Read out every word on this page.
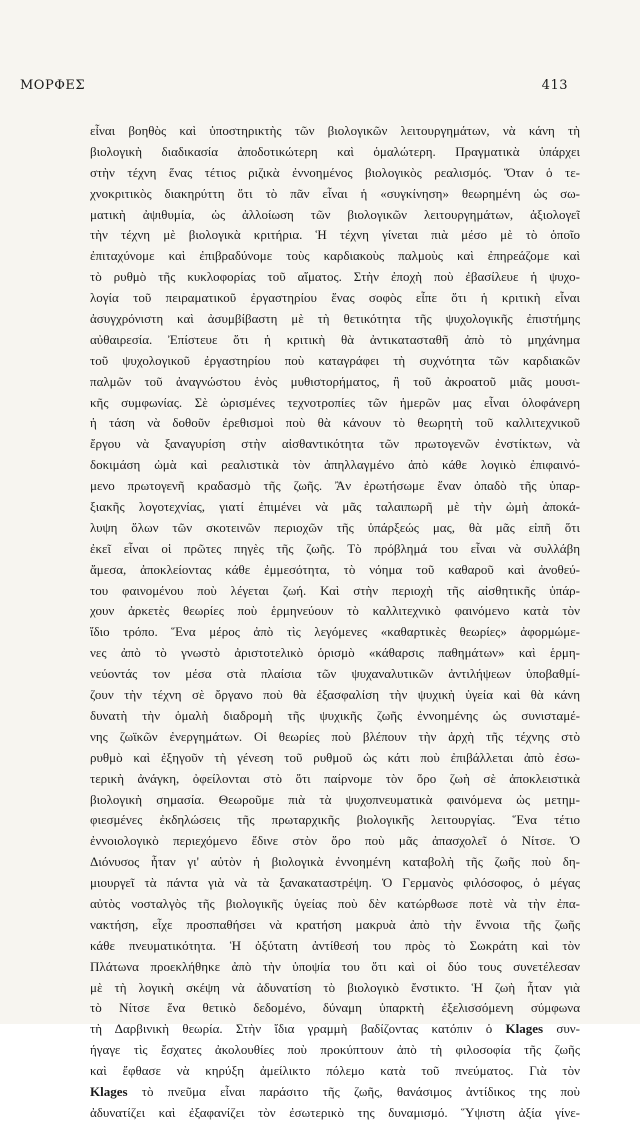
ΜΟΡΦΕΣ	413
εἶναι βοηθὸς καὶ ὑποστηρικτὴς τῶν βιολογικῶν λειτουργημάτων, νὰ κάνη τὴ
βιολογικὴ διαδικασία ἀποδοτικώτερη καὶ ὁμαλώτερη. Πραγματικὰ ὑπάρχει
στὴν τέχνη ἕνας τέτιος ριζικὰ ἐννοημένος βιολογικὸς ρεαλισμός. Ὅταν ὁ τε-
χνοκριτικὸς διακηρύττη ὅτι τὸ πᾶν εἶναι ἡ «συγκίνηση» θεωρημένη ὡς σω-
ματικὴ ἀψιθυμία, ὡς ἀλλοίωση τῶν βιολογικῶν λειτουργημάτων, ἀξιολογεῖ
τὴν τέχνη μὲ βιολογικὰ κριτήρια. Ἡ τέχνη γίνεται πιὰ μέσο μὲ τὸ ὁποῖο
ἐπιταχύνομε καὶ ἐπιβραδύνομε τοὺς καρδιακοὺς παλμοὺς καὶ ἐπηρεάζομε καὶ
τὸ ρυθμὸ τῆς κυκλοφορίας τοῦ αἵματος. Στὴν ἐποχὴ ποὺ ἐβασίλευε ἡ ψυχο-
λογία τοῦ πειραματικοῦ ἐργαστηρίου ἕνας σοφὸς εἶπε ὅτι ἡ κριτικὴ εἶναι
ἀσυγχρόνιστη καὶ ἀσυμβίβαστη μὲ τὴ θετικότητα τῆς ψυχολογικῆς ἐπιστήμης
αὐθαιρεσία. Ἐπίστευε ὅτι ἡ κριτικὴ θὰ ἀντικατασταθῆ ἀπὸ τὸ μηχάνημα
τοῦ ψυχολογικοῦ ἐργαστηρίου ποὺ καταγράφει τὴ συχνότητα τῶν καρδιακῶν
παλμῶν τοῦ ἀναγνώστου ἑνὸς μυθιστορήματος, ἢ τοῦ ἀκροατοῦ μιᾶς μουσι-
κῆς συμφωνίας. Σὲ ὡρισμένες τεχνοτροπίες τῶν ἡμερῶν μας εἶναι ὁλοφάνερη
ἡ τάση νὰ δοθοῦν ἐρεθισμοὶ ποὺ θὰ κάνουν τὸ θεωρητὴ τοῦ καλλιτεχνικοῦ
ἔργου νὰ ξαναγυρίση στὴν αἰσθαντικότητα τῶν πρωτογενῶν ἐνστίκτων, νὰ
δοκιμάση ὠμὰ καὶ ρεαλιστικὰ τὸν ἀπηλλαγμένο ἀπὸ κάθε λογικὸ ἐπιφαινό-
μενο πρωτογενῆ κραδασμὸ τῆς ζωῆς. Ἂν ἐρωτήσωμε ἕναν ὀπαδὸ τῆς ὑπαρ-
ξιακῆς λογοτεχνίας, γιατί ἐπιμένει νὰ μᾶς ταλαιπωρῆ μὲ τὴν ὠμὴ ἀποκά-
λυψη ὅλων τῶν σκοτεινῶν περιοχῶν τῆς ὑπάρξεώς μας, θὰ μᾶς εἰπῆ ὅτι
ἐκεῖ εἶναι οἱ πρῶτες πηγὲς τῆς ζωῆς. Τὸ πρόβλημά του εἶναι νὰ συλλάβη
ἄμεσα, ἀποκλείοντας κάθε ἐμμεσότητα, τὸ νόημα τοῦ καθαροῦ καὶ ἀνοθεύ-
του φαινομένου ποὺ λέγεται ζωή. Καὶ στὴν περιοχὴ τῆς αἰσθητικῆς ὑπάρ-
χουν ἀρκετὲς θεωρίες ποὺ ἑρμηνεύουν τὸ καλλιτεχνικὸ φαινόμενο κατὰ τὸν
ἴδιο τρόπο. Ἕνα μέρος ἀπὸ τὶς λεγόμενες «καθαρτικὲς θεωρίες» ἀφορμώμε-
νες ἀπὸ τὸ γνωστὸ ἀριστοτελικὸ ὁρισμὸ «κάθαρσις παθημάτων» καὶ ἑρμη-
νεύοντάς τον μέσα στὰ πλαίσια τῶν ψυχαναλυτικῶν ἀντιλήψεων ὑποβαθμί-
ζουν τὴν τέχνη σὲ ὄργανο ποὺ θὰ ἐξασφαλίση τὴν ψυχικὴ ὑγεία καὶ θὰ κάνη
δυνατὴ τὴν ὁμαλὴ διαδρομὴ τῆς ψυχικῆς ζωῆς ἐννοημένης ὡς συνισταμέ-
νης ζωϊκῶν ἐνεργημάτων. Οἱ θεωρίες ποὺ βλέπουν τὴν ἀρχὴ τῆς τέχνης στὸ
ρυθμὸ καὶ ἐξηγοῦν τὴ γένεση τοῦ ρυθμοῦ ὡς κάτι ποὺ ἐπιβάλλεται ἀπὸ ἐσω-
τερικὴ ἀνάγκη, ὀφείλονται στὸ ὅτι παίρνομε τὸν ὅρο ζωὴ σὲ ἀποκλειστικὰ
βιολογικὴ σημασία. Θεωροῦμε πιὰ τὰ ψυχοπνευματικὰ φαινόμενα ὡς μετημ-
φιεσμένες ἐκδηλώσεις τῆς πρωταρχικῆς βιολογικῆς λειτουργίας. Ἕνα τέτιο
ἐννοιολογικὸ περιεχόμενο ἔδινε στὸν ὅρο ποὺ μᾶς ἀπασχολεῖ ὁ Νίτσε. Ὁ
Διόνυσος ἦταν γι' αὐτὸν ἡ βιολογικὰ ἐννοημένη καταβολὴ τῆς ζωῆς ποὺ δη-
μιουργεῖ τὰ πάντα γιὰ νὰ τὰ ξανακαταστρέψη. Ὁ Γερμανὸς φιλόσοφος, ὁ μέγας
αὐτὸς νοσταλγὸς τῆς βιολογικῆς ὑγείας ποὺ δὲν κατώρθωσε ποτὲ νὰ τὴν ἐπα-
νακτήση, εἶχε προσπαθήσει νὰ κρατήση μακρυὰ ἀπὸ τὴν ἔννοια τῆς ζωῆς
κάθε πνευματικότητα. Ἡ ὀξύτατη ἀντίθεσή του πρὸς τὸ Σωκράτη καὶ τὸν
Πλάτωνα προεκλήθηκε ἀπὸ τὴν ὑποψία του ὅτι καὶ οἱ δύο τους συνετέλεσαν
μὲ τὴ λογικὴ σκέψη νὰ ἀδυνατίση τὸ βιολογικὸ ἔνστικτο. Ἡ ζωὴ ἦταν γιὰ
τὸ Νίτσε ἕνα θετικὸ δεδομένο, δύναμη ὑπαρκτὴ ἐξελισσόμενη σύμφωνα
τὴ Δαρβινικὴ θεωρία. Στὴν ἴδια γραμμὴ βαδίζοντας κατόπιν ὁ Klages συν-
ήγαγε τὶς ἔσχατες ἀκολουθίες ποὺ προκύπτουν ἀπὸ τὴ φιλοσοφία τῆς ζωῆς
καὶ ἔφθασε νὰ κηρύξη ἀμείλικτο πόλεμο κατὰ τοῦ πνεύματος. Γιὰ τὸν
Klages τὸ πνεῦμα εἶναι παράσιτο τῆς ζωῆς, θανάσιμος ἀντίδικος της ποὺ
ἀδυνατίζει καὶ ἐξαφανίζει τὸν ἐσωτερικὸ της δυναμισμό. Ὕψιστη ἀξία γίνε-
